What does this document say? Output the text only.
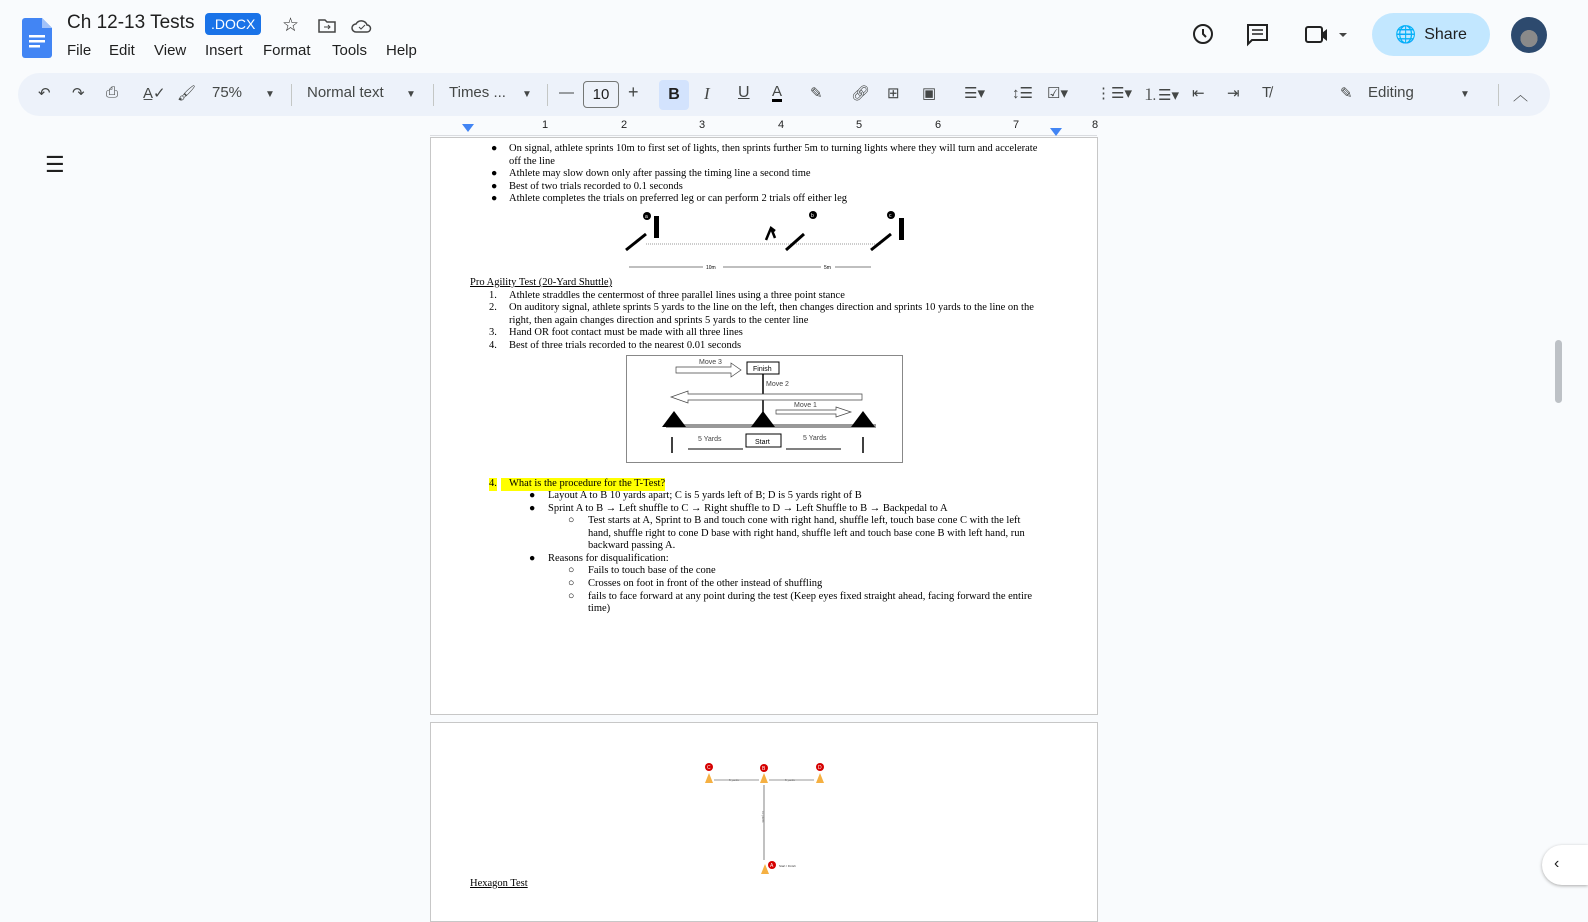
Ch 12-13 Tests	.DOCX	☆
File Edit View Insert Format Tools Help
🌐 Share
↶ ↷ ⎙ A̲✓ 🖌 75% ▼ Normal text ▼ Times ... ▼ —	10	+	B	I U A ✎ 🔗︎ ⊞ ▣ ☰▾ ↕☰ ☑▾ ⋮☰▾ ⒈☰▾ ⇤ ⇥ T̸	✎ Editing	▼	︿
1	2	3	4	5	6	7	8
☰
‹
● On signal, athlete sprints 10m to first set of lights, then sprints further 5m to turning lights where they will turn and accelerate
off the line
● Athlete may slow down only after passing the timing line a second time
● Best of two trials recorded to 0.1 seconds
● Athlete completes the trials on preferred leg or can perform 2 trials off either leg
a	b	c
10m	5m
Pro Agility Test (20-Yard Shuttle)
1. Athlete straddles the centermost of three parallel lines using a three point stance
2. On auditory signal, athlete sprints 5 yards to the line on the left, then changes direction and sprints 10 yards to the line on the
right, then again changes direction and sprints 5 yards to the center line
3. Hand OR foot contact must be made with all three lines
4. Best of three trials recorded to the nearest 0.01 seconds
Move 3
Finish
Move 2
Move 1
Start
5 Yards	5 Yards
4.	What is the procedure for the T-Test?
● Layout A to B 10 yards apart; C is 5 yards left of B; D is 5 yards right of B
● Sprint A to B → Left shuffle to C → Right shuffle to D → Left Shuffle to B → Backpedal to A
○ Test starts at A, Sprint to B and touch cone with right hand, shuffle left, touch base cone C with the left
hand, shuffle right to cone D base with right hand, shuffle left and touch base cone B with left hand, run
backward passing A.
● Reasons for disqualification:
○ Fails to touch base of the cone
○ Crosses on foot in front of the other instead of shuffling
○ fails to face forward at any point during the test (Keep eyes fixed straight ahead, facing forward the entire
time)
C	B	D
A
5 yards	5 yards
10 yards
Start / Finish
Hexagon Test
